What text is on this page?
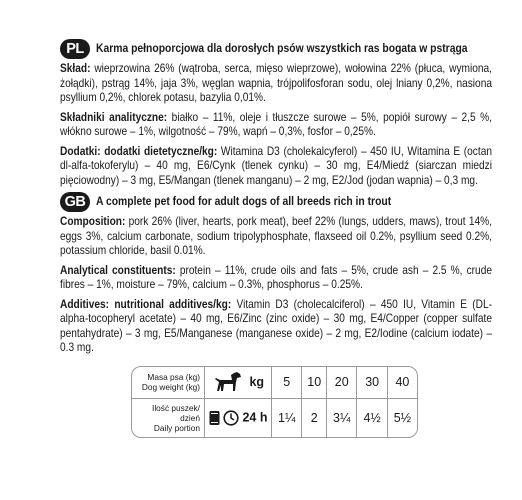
PL	Karma pełnoporcjowa dla dorosłych psów wszystkich ras bogata w pstrąga

Skład: wieprzowina 26% (wątroba, serca, mięso wieprzowe), wołowina 22% (płuca, wymiona, żołądki), pstrąg 14%, jaja 3%, węglan wapnia, trójpolifosforan sodu, olej lniany 0,2%, nasiona psyllium 0,2%, chlorek potasu, bazylia 0,01%.

Składniki analityczne: białko – 11%, oleje i tłuszcze surowe – 5%, popiół surowy – 2,5 %, włókno surowe – 1%, wilgotność – 79%, wapń – 0,3%, fosfor – 0,25%.

Dodatki: dodatki dietetyczne/kg: Witamina D3 (cholekalcyferol) – 450 IU, Witamina E (octan dl-alfa-tokoferylu) – 40 mg, E6/Cynk (tlenek cynku) – 30 mg, E4/Miedź (siarczan miedzi pięciowodny) – 3 mg, E5/Mangan (tlenek manganu) – 2 mg, E2/Jod (jodan wapnia) – 0,3 mg.

GB A complete pet food for adult dogs of all breeds rich in trout

Composition: pork 26% (liver, hearts, pork meat), beef 22% (lungs, udders, maws), trout 14%, eggs 3%, calcium carbonate, sodium tripolyphosphate, flaxseed oil 0.2%, psyllium seed 0.2%, potassium chloride, basil 0.01%.

Analytical constituents: protein – 11%, crude oils and fats – 5%, crude ash – 2.5 %, crude fibres – 1%, moisture – 79%, calcium – 0.3%, phosphorus – 0.25%.

Additives: nutritional additives/kg: Vitamin D3 (cholecalciferol) – 450 IU, Vitamin E (DL-alpha-tocopheryl acetate) – 40 mg, E6/Zinc (zinc oxide) – 30 mg, E4/Copper (copper sulfate pentahydrate) – 3 mg, E5/Manganese (manganese oxide) – 2 mg, E2/Iodine (calcium iodate) – 0.3 mg.

Masa psa (kg)
Dog weight (kg)	kg	5	10	20	30	40

Ilość puszek/ dzień
Daily portion	24 h	1¼	2	3¼	4½	5½
